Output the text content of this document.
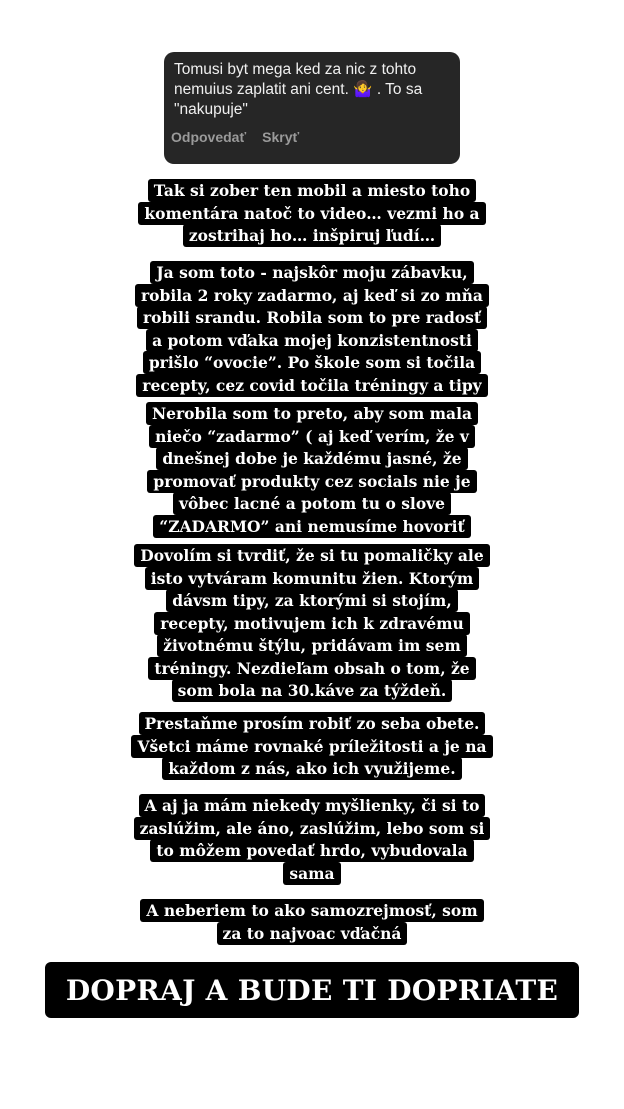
Tomusi byt mega ked za nic z tohto
nemuius zaplatit ani cent. 🤷‍♀️ . To sa
"nakupuje"

Odpovedať Skryť
Tak si zober ten mobil a miesto toho
komentára natoč to video… vezmi ho a
zostrihaj ho… inšpiruj ľudí…
Ja som toto - najskôr moju zábavku,
robila 2 roky zadarmo, aj keď si zo mňa
robili srandu. Robila som to pre radosť
a potom vďaka mojej konzistentnosti
prišlo “ovocie”. Po škole som si točila
recepty, cez covid točila tréningy a tipy
Nerobila som to preto, aby som mala
niečo “zadarmo” ( aj keď verím, že v
dnešnej dobe je každému jasné, že
promovať produkty cez socials nie je
vôbec lacné a potom tu o slove
“ZADARMO” ani nemusíme hovoriť
Dovolím si tvrdiť, že si tu pomaličky ale
isto vytváram komunitu žien. Ktorým
dávsm tipy, za ktorými si stojím,
recepty, motivujem ich k zdravému
životnému štýlu, pridávam im sem
tréningy. Nezdieľam obsah o tom, že
som bola na 30.káve za týždeň.
Prestaňme prosím robiť zo seba obete.
Všetci máme rovnaké príležitosti a je na
každom z nás, ako ich využijeme.
A aj ja mám niekedy myšlienky, či si to
zaslúžim, ale áno, zaslúžim, lebo som si
to môžem povedať hrdo, vybudovala
sama
A neberiem to ako samozrejmosť, som
za to najvoac vďačná
DOPRAJ A BUDE TI DOPRIATE
